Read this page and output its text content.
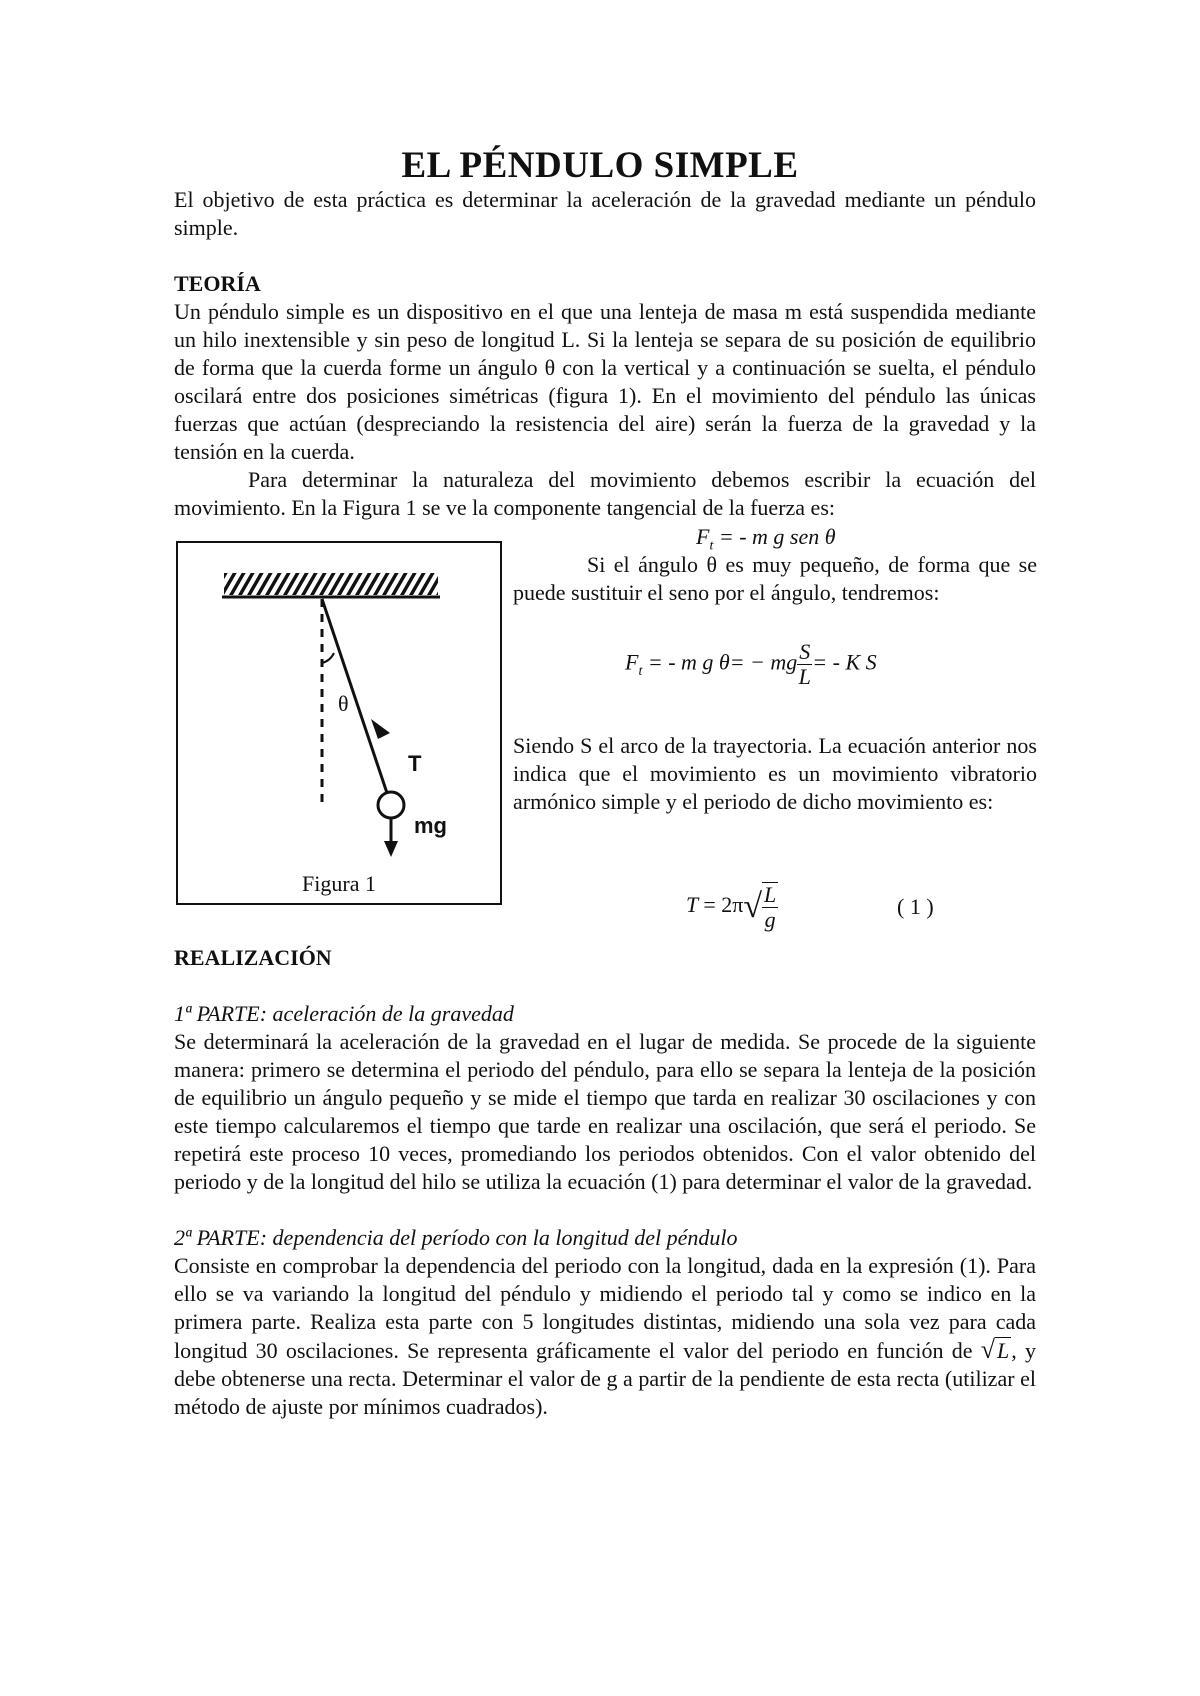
EL PÉNDULO SIMPLE

El objetivo de esta práctica es determinar la aceleración de la gravedad mediante un péndulo simple.

TEORÍA

Un péndulo simple es un dispositivo en el que una lenteja de masa m está suspendida mediante un hilo inextensible y sin peso de longitud L. Si la lenteja se separa de su posición de equilibrio de forma que la cuerda forme un ángulo θ con la vertical y a continuación se suelta, el péndulo oscilará entre dos posiciones simétricas (figura 1). En el movimiento del péndulo las únicas fuerzas que actúan (despreciando la resistencia del aire) serán la fuerza de la gravedad y la tensión en la cuerda.

Para determinar la naturaleza del movimiento debemos escribir la ecuación del movimiento. En la Figura 1 se ve la componente tangencial de la fuerza es:

$F_t$ = - m g sen θ
Si el ángulo θ es muy pequeño, de forma que se puede sustituir el seno por el ángulo, tendremos:
$F_t$ = - m g θ= − mg $\frac{S}{L}$ = - K S
Siendo S el arco de la trayectoria. La ecuación anterior nos indica que el movimiento es un movimiento vibratorio armónico simple y el periodo de dicho movimiento es:
$T = 2\pi√ \frac{L}{g}$	( 1 )
θ
T
mg
Figura 1

REALIZACIÓN

1ª PARTE: aceleración de la gravedad

Se determinará la aceleración de la gravedad en el lugar de medida. Se procede de la siguiente manera: primero se determina el periodo del péndulo, para ello se separa la lenteja de la posición de equilibrio un ángulo pequeño y se mide el tiempo que tarda en realizar 30 oscilaciones y con este tiempo calcularemos el tiempo que tarde en realizar una oscilación, que será el periodo. Se repetirá este proceso 10 veces, promediando los periodos obtenidos. Con el valor obtenido del periodo y de la longitud del hilo se utiliza la ecuación (1) para determinar el valor de la gravedad.

2ª PARTE: dependencia del período con la longitud del péndulo

Consiste en comprobar la dependencia del periodo con la longitud, dada en la expresión (1). Para ello se va variando la longitud del péndulo y midiendo el periodo tal y como se indico en la primera parte. Realiza esta parte con 5 longitudes distintas, midiendo una sola vez para cada longitud 30 oscilaciones. Se representa gráficamente el valor del periodo en función de √L, y debe obtenerse una recta. Determinar el valor de g a partir de la pendiente de esta recta (utilizar el método de ajuste por mínimos cuadrados).
